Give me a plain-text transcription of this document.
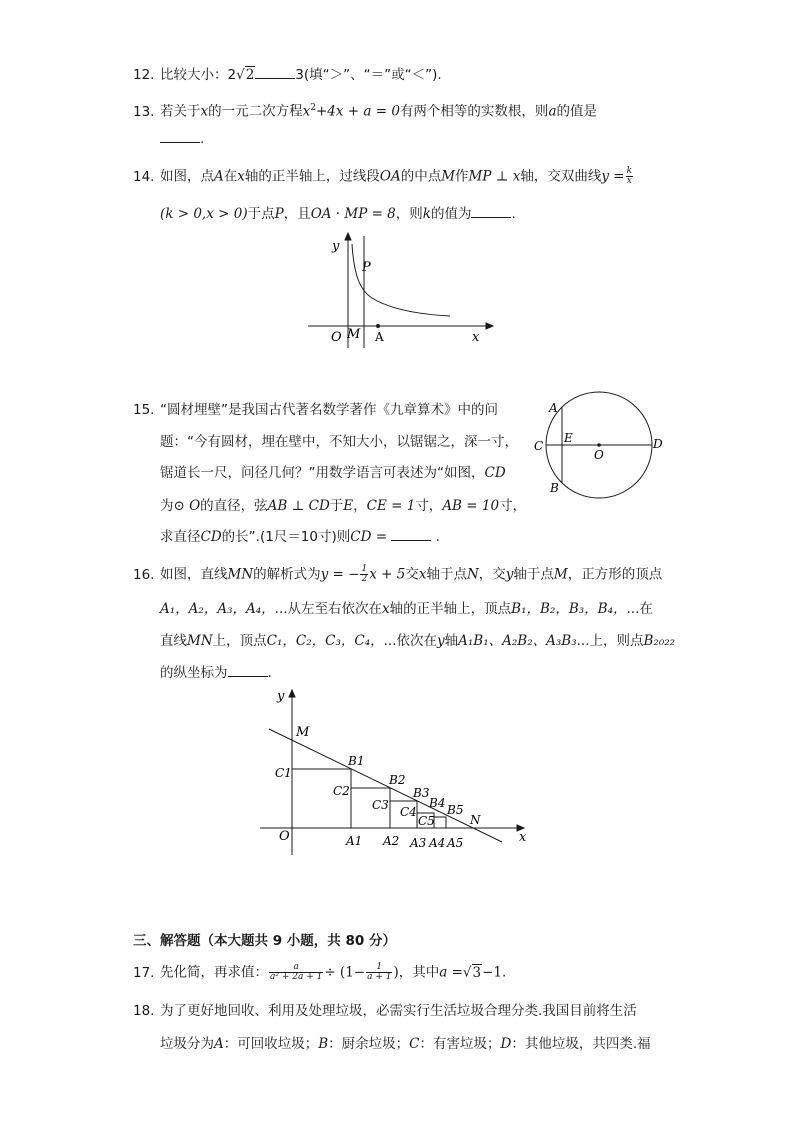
12. 比较大小：2√2	3(填“＞”、“＝”或“＜”).
13. 若关于x的一元二次方程$x^2+4x + a = 0$有两个相等的实数根，则a的值是
.
14. 如图，点A在x轴的正半轴上，过线段OA的中点M作MP ⊥ x轴，交双曲线$y = \frac{k}{x}$
(k > 0,x > 0)于点P，且OA · MP = 8，则k的值为	.
y
x
O M A
P
15. “圆材埋壁”是我国古代著名数学著作《九章算术》中的问
题：“今有圆材，埋在壁中，不知大小，以锯锯之，深一寸，
锯道长一尺，问径几何？”用数学语言可表述为“如图，CD
为⊙ O的直径，弦AB ⊥ CD于E，CE = 1寸，AB = 10寸，
求直径CD的长”.(1尺＝10寸)则CD =	.
A
B
C	D
E
O
16. 如图，直线MN的解析式为y = − $\frac{1}{2}$ x + 5交x轴于点N，交y轴于点M，正方形的顶点
A₁，A₂，A₃，A₄，...从左至右依次在x轴的正半轴上，顶点B₁，B₂，B₃，B₄，...在
直线MN上，顶点C₁，C₂，C₃，C₄，...依次在y轴A₁B₁、A₂B₂、A₃B₃...上，则点B₂₀₂₂
的纵坐标为	.
y
x
O
M
N
B1
B2
B3
B4 B5
C1
C2
C3 C4
C5
A1 A2 A3 A4 A5
三、解答题（本大题共 9 小题，共 80 分）
17. 先化简，再求值： $\frac{a}{\text{a² + 2a + 1}} \div (1- \frac{1}{a + 1}$ )，其中a =√3−1.
18. 为了更好地回收、利用及处理垃圾，必需实行生活垃圾合理分类.我国目前将生活
垃圾分为A：可回收垃圾；B：厨余垃圾；C：有害垃圾；D：其他垃圾，共四类.福
